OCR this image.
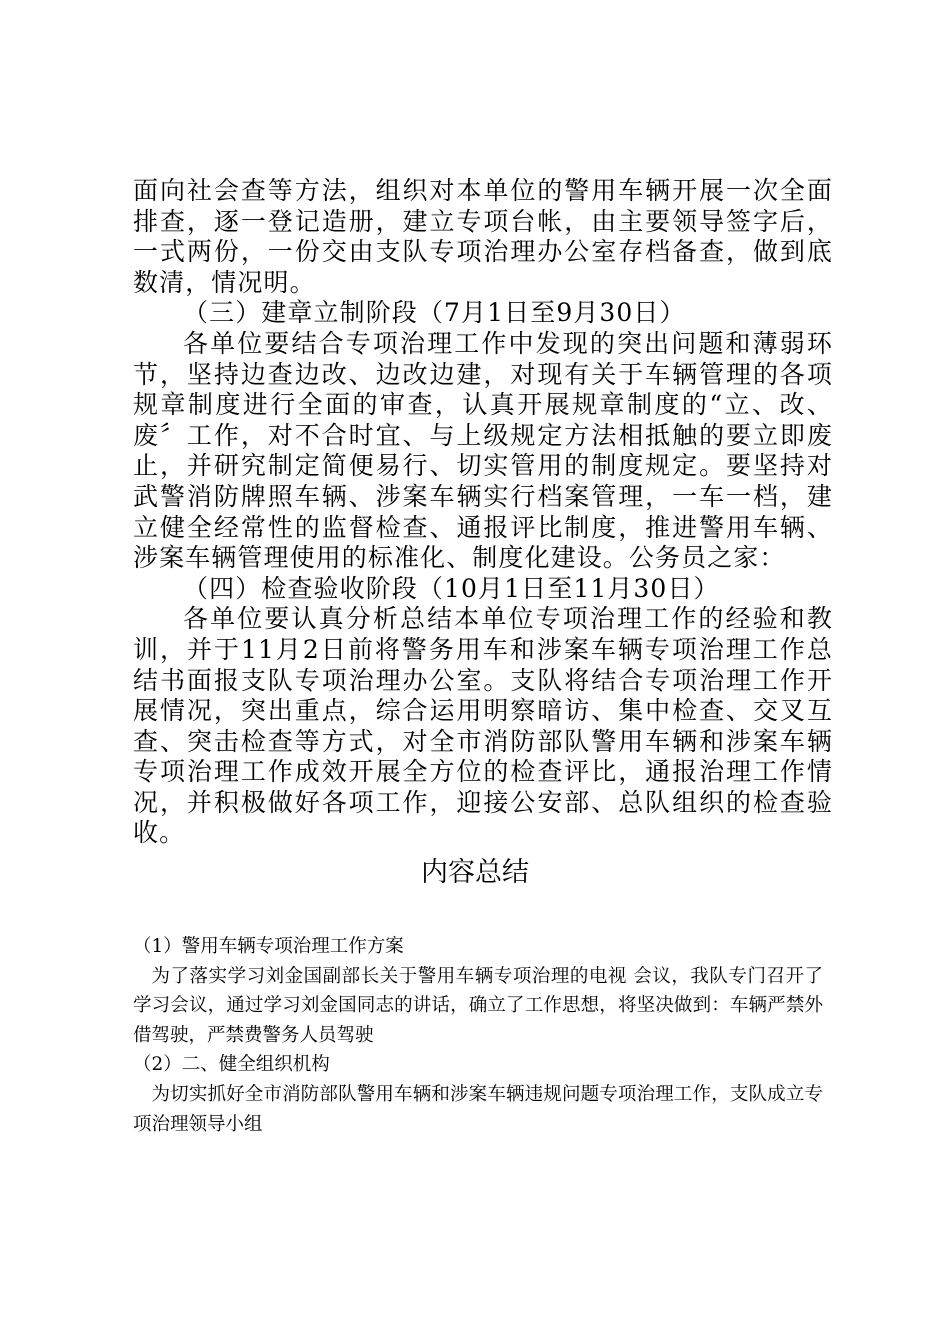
面向社会查等方法，组织对本单位的警用车辆开展一次全面排查，逐一登记造册，建立专项台帐，由主要领导签字后，一式两份，一份交由支队专项治理办公室存档备查，做到底数清，情况明。

（三）建章立制阶段（7月1日至9月30日）

各单位要结合专项治理工作中发现的突出问题和薄弱环节，坚持边查边改、边改边建，对现有关于车辆管理的各项规章制度进行全面的审查，认真开展规章制度的“立、改、废〞工作，对不合时宜、与上级规定方法相抵触的要立即废止，并研究制定简便易行、切实管用的制度规定。要坚持对武警消防牌照车辆、涉案车辆实行档案管理，一车一档，建立健全经常性的监督检查、通报评比制度，推进警用车辆、涉案车辆管理使用的标准化、制度化建设。公务员之家：

（四）检查验收阶段（10月1日至11月30日）

各单位要认真分析总结本单位专项治理工作的经验和教训，并于11月2日前将警务用车和涉案车辆专项治理工作总结书面报支队专项治理办公室。支队将结合专项治理工作开展情况，突出重点，综合运用明察暗访、集中检查、交叉互查、突击检查等方式，对全市消防部队警用车辆和涉案车辆专项治理工作成效开展全方位的检查评比，通报治理工作情况，并积极做好各项工作，迎接公安部、总队组织的检查验收。

内容总结

（1）警用车辆专项治理工作方案

为了落实学习刘金国副部长关于警用车辆专项治理的电视 会议，我队专门召开了学习会议，通过学习刘金国同志的讲话，确立了工作思想，将坚决做到：车辆严禁外借驾驶，严禁费警务人员驾驶

（2）二、健全组织机构

为切实抓好全市消防部队警用车辆和涉案车辆违规问题专项治理工作，支队成立专项治理领导小组
